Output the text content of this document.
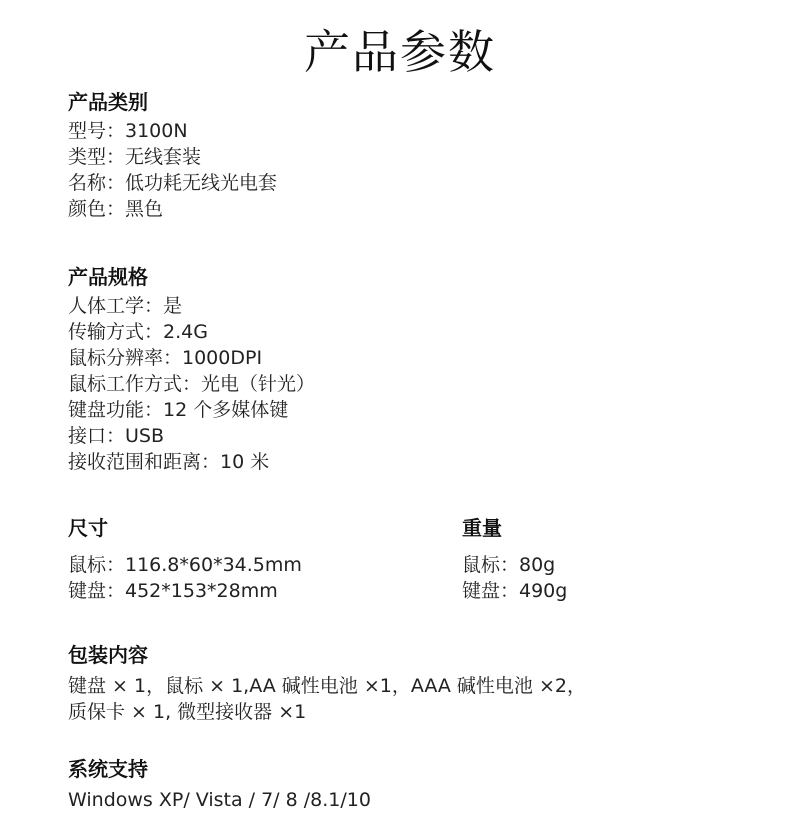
产品参数
产品类别
型号：3100N
类型：无线套装
名称：低功耗无线光电套
颜色：黑色
产品规格
人体工学：是
传输方式：2.4G
鼠标分辨率：1000DPI
鼠标工作方式：光电（针光）
键盘功能：12 个多媒体键
接口：USB
接收范围和距离：10 米
尺寸
鼠标：116.8*60*34.5mm
键盘：452*153*28mm
重量
鼠标：80g
键盘：490g
包装内容
键盘 × 1，鼠标 × 1,AA 碱性电池 ×1，AAA 碱性电池 ×2，
质保卡 × 1, 微型接收器 ×1
系统支持
Windows XP/ Vista / 7/ 8 /8.1/10
